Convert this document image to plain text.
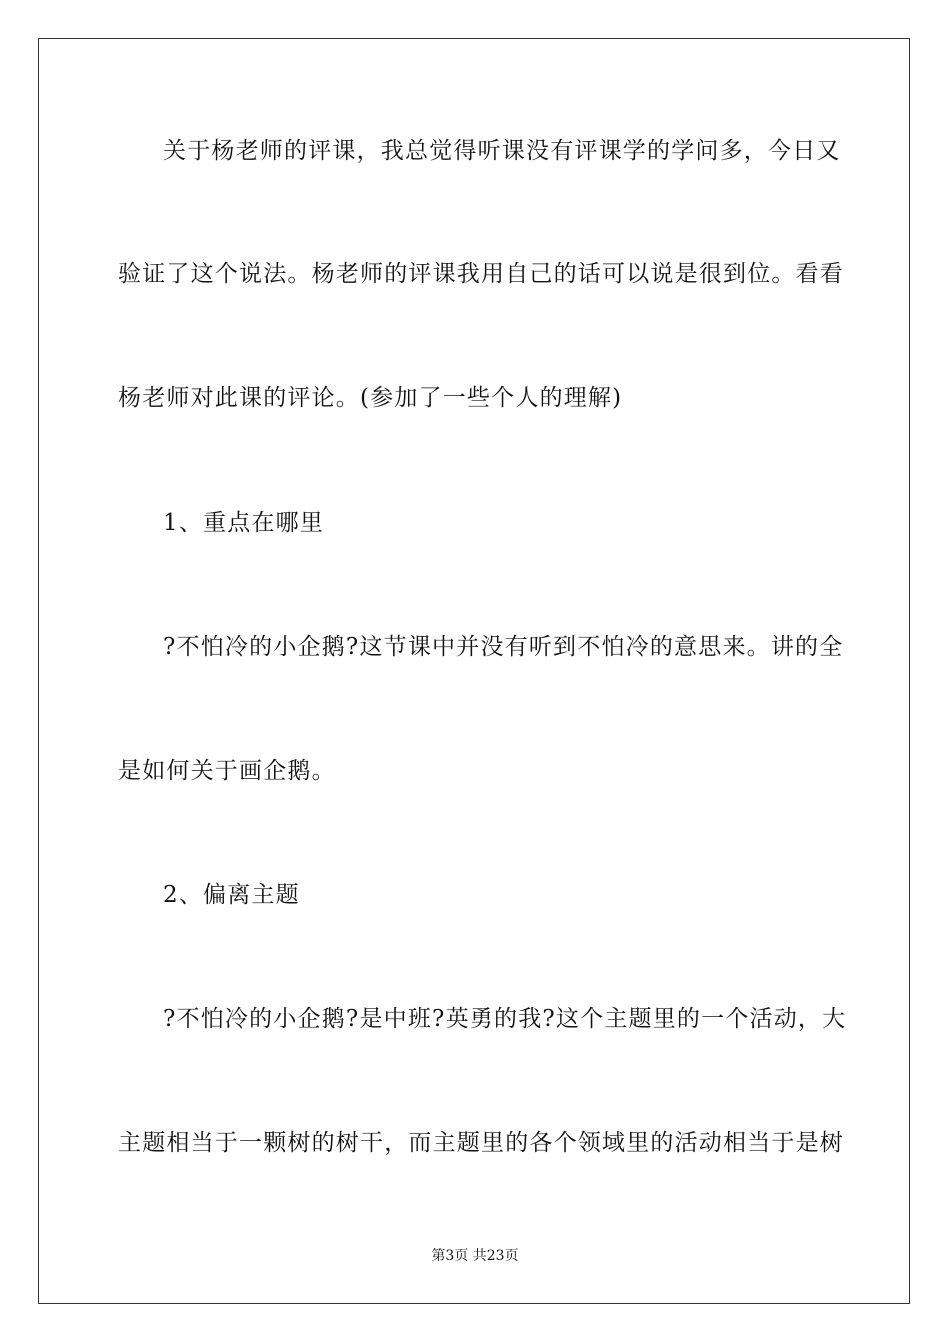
关于杨老师的评课，我总觉得听课没有评课学的学问多，今日又
验证了这个说法。杨老师的评课我用自己的话可以说是很到位。看看
杨老师对此课的评论。(参加了一些个人的理解)
1、重点在哪里
?不怕冷的小企鹅?这节课中并没有听到不怕冷的意思来。讲的全
是如何关于画企鹅。
2、偏离主题
?不怕冷的小企鹅?是中班?英勇的我?这个主题里的一个活动，大
主题相当于一颗树的树干，而主题里的各个领域里的活动相当于是树
第3页 共23页
